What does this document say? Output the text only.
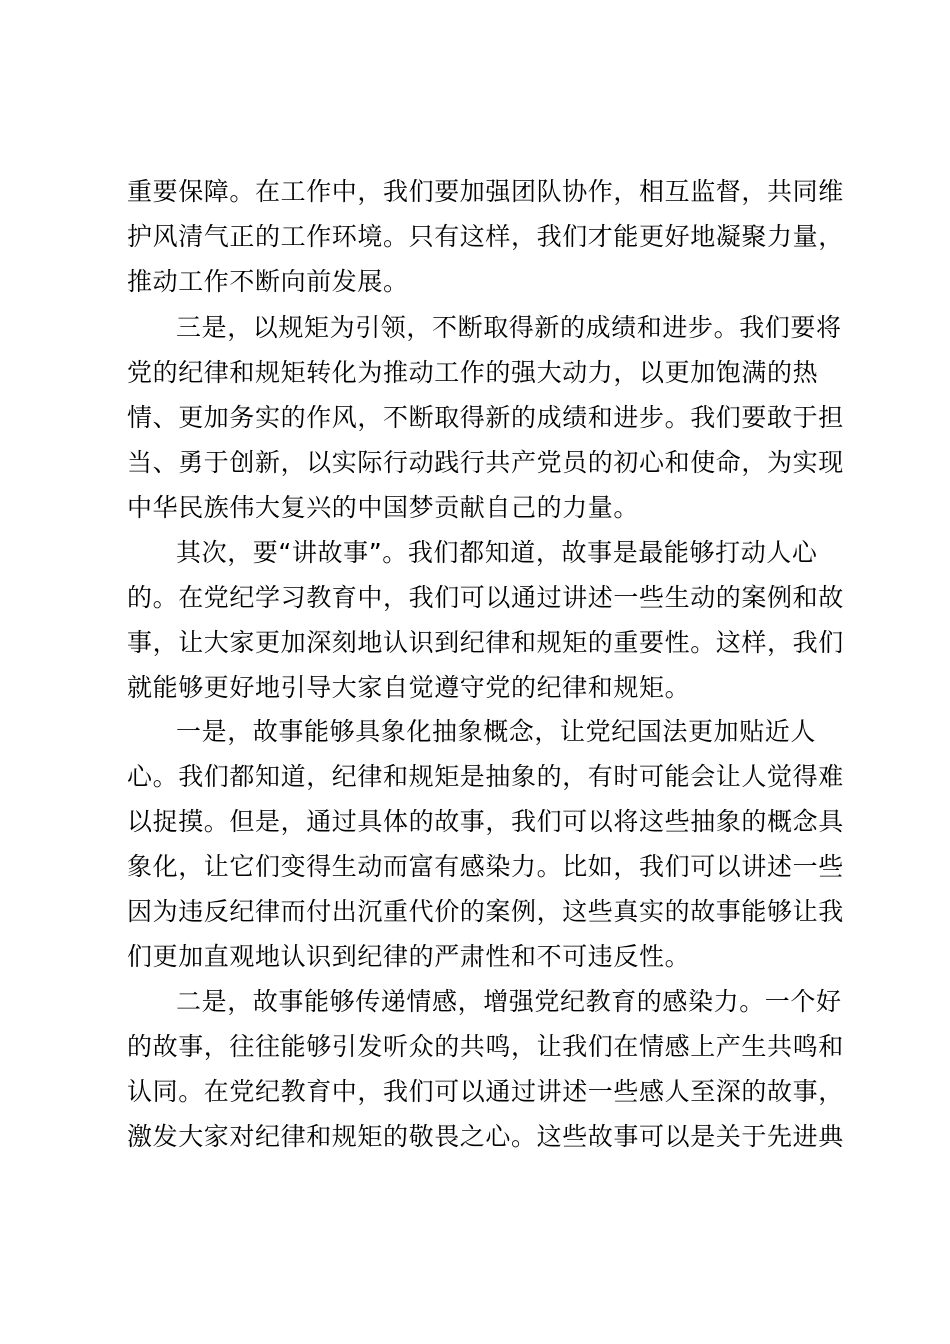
重要保障。在工作中，我们要加强团队协作，相互监督，共同维
护风清气正的工作环境。只有这样，我们才能更好地凝聚力量，
推动工作不断向前发展。
三是，以规矩为引领，不断取得新的成绩和进步。我们要将
党的纪律和规矩转化为推动工作的强大动力，以更加饱满的热
情、更加务实的作风，不断取得新的成绩和进步。我们要敢于担
当、勇于创新，以实际行动践行共产党员的初心和使命，为实现
中华民族伟大复兴的中国梦贡献自己的力量。
其次，要“讲故事”。我们都知道，故事是最能够打动人心
的。在党纪学习教育中，我们可以通过讲述一些生动的案例和故
事，让大家更加深刻地认识到纪律和规矩的重要性。这样，我们
就能够更好地引导大家自觉遵守党的纪律和规矩。
一是，故事能够具象化抽象概念，让党纪国法更加贴近人
心。我们都知道，纪律和规矩是抽象的，有时可能会让人觉得难
以捉摸。但是，通过具体的故事，我们可以将这些抽象的概念具
象化，让它们变得生动而富有感染力。比如，我们可以讲述一些
因为违反纪律而付出沉重代价的案例，这些真实的故事能够让我
们更加直观地认识到纪律的严肃性和不可违反性。
二是，故事能够传递情感，增强党纪教育的感染力。一个好
的故事，往往能够引发听众的共鸣，让我们在情感上产生共鸣和
认同。在党纪教育中，我们可以通过讲述一些感人至深的故事，
激发大家对纪律和规矩的敬畏之心。这些故事可以是关于先进典
